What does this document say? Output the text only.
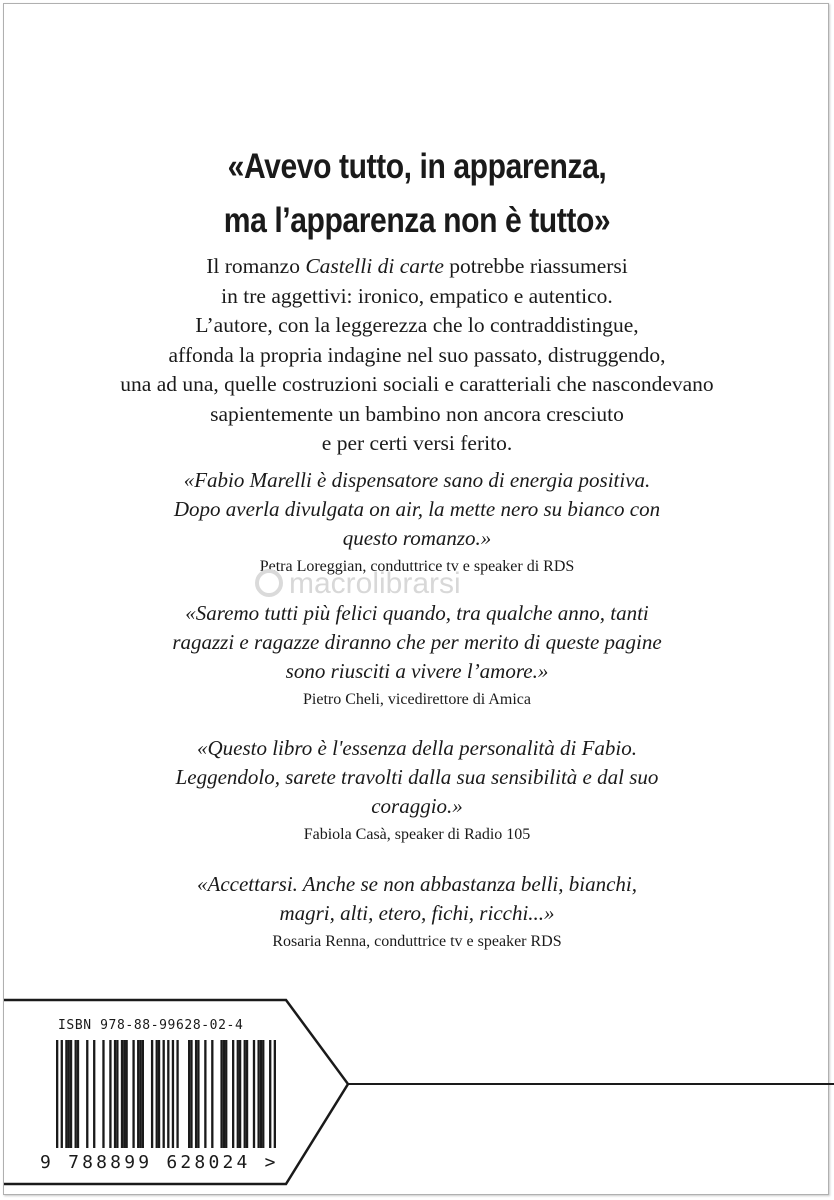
«Avevo tutto, in apparenza,
ma l’apparenza non è tutto»
Il romanzo Castelli di carte potrebbe riassumersi
in tre aggettivi: ironico, empatico e autentico.
L’autore, con la leggerezza che lo contraddistingue,
affonda la propria indagine nel suo passato, distruggendo,
una ad una, quelle costruzioni sociali e caratteriali che nascondevano
sapientemente un bambino non ancora cresciuto
e per certi versi ferito.
«Fabio Marelli è dispensatore sano di energia positiva.
Dopo averla divulgata on air, la mette nero su bianco con
questo romanzo.»
Petra Loreggian, conduttrice tv e speaker di RDS
macrolibrarsi
«Saremo tutti più felici quando, tra qualche anno, tanti
ragazzi e ragazze diranno che per merito di queste pagine
sono riusciti a vivere l’amore.»
Pietro Cheli, vicedirettore di Amica
«Questo libro è l'essenza della personalità di Fabio.
Leggendolo, sarete travolti dalla sua sensibilità e dal suo
coraggio.»
Fabiola Casà, speaker di Radio 105
«Accettarsi. Anche se non abbastanza belli, bianchi,
magri, alti, etero, fichi, ricchi...»
Rosaria Renna, conduttrice tv e speaker RDS
ISBN 978-88-99628-02-4
9 788899 628024 >
